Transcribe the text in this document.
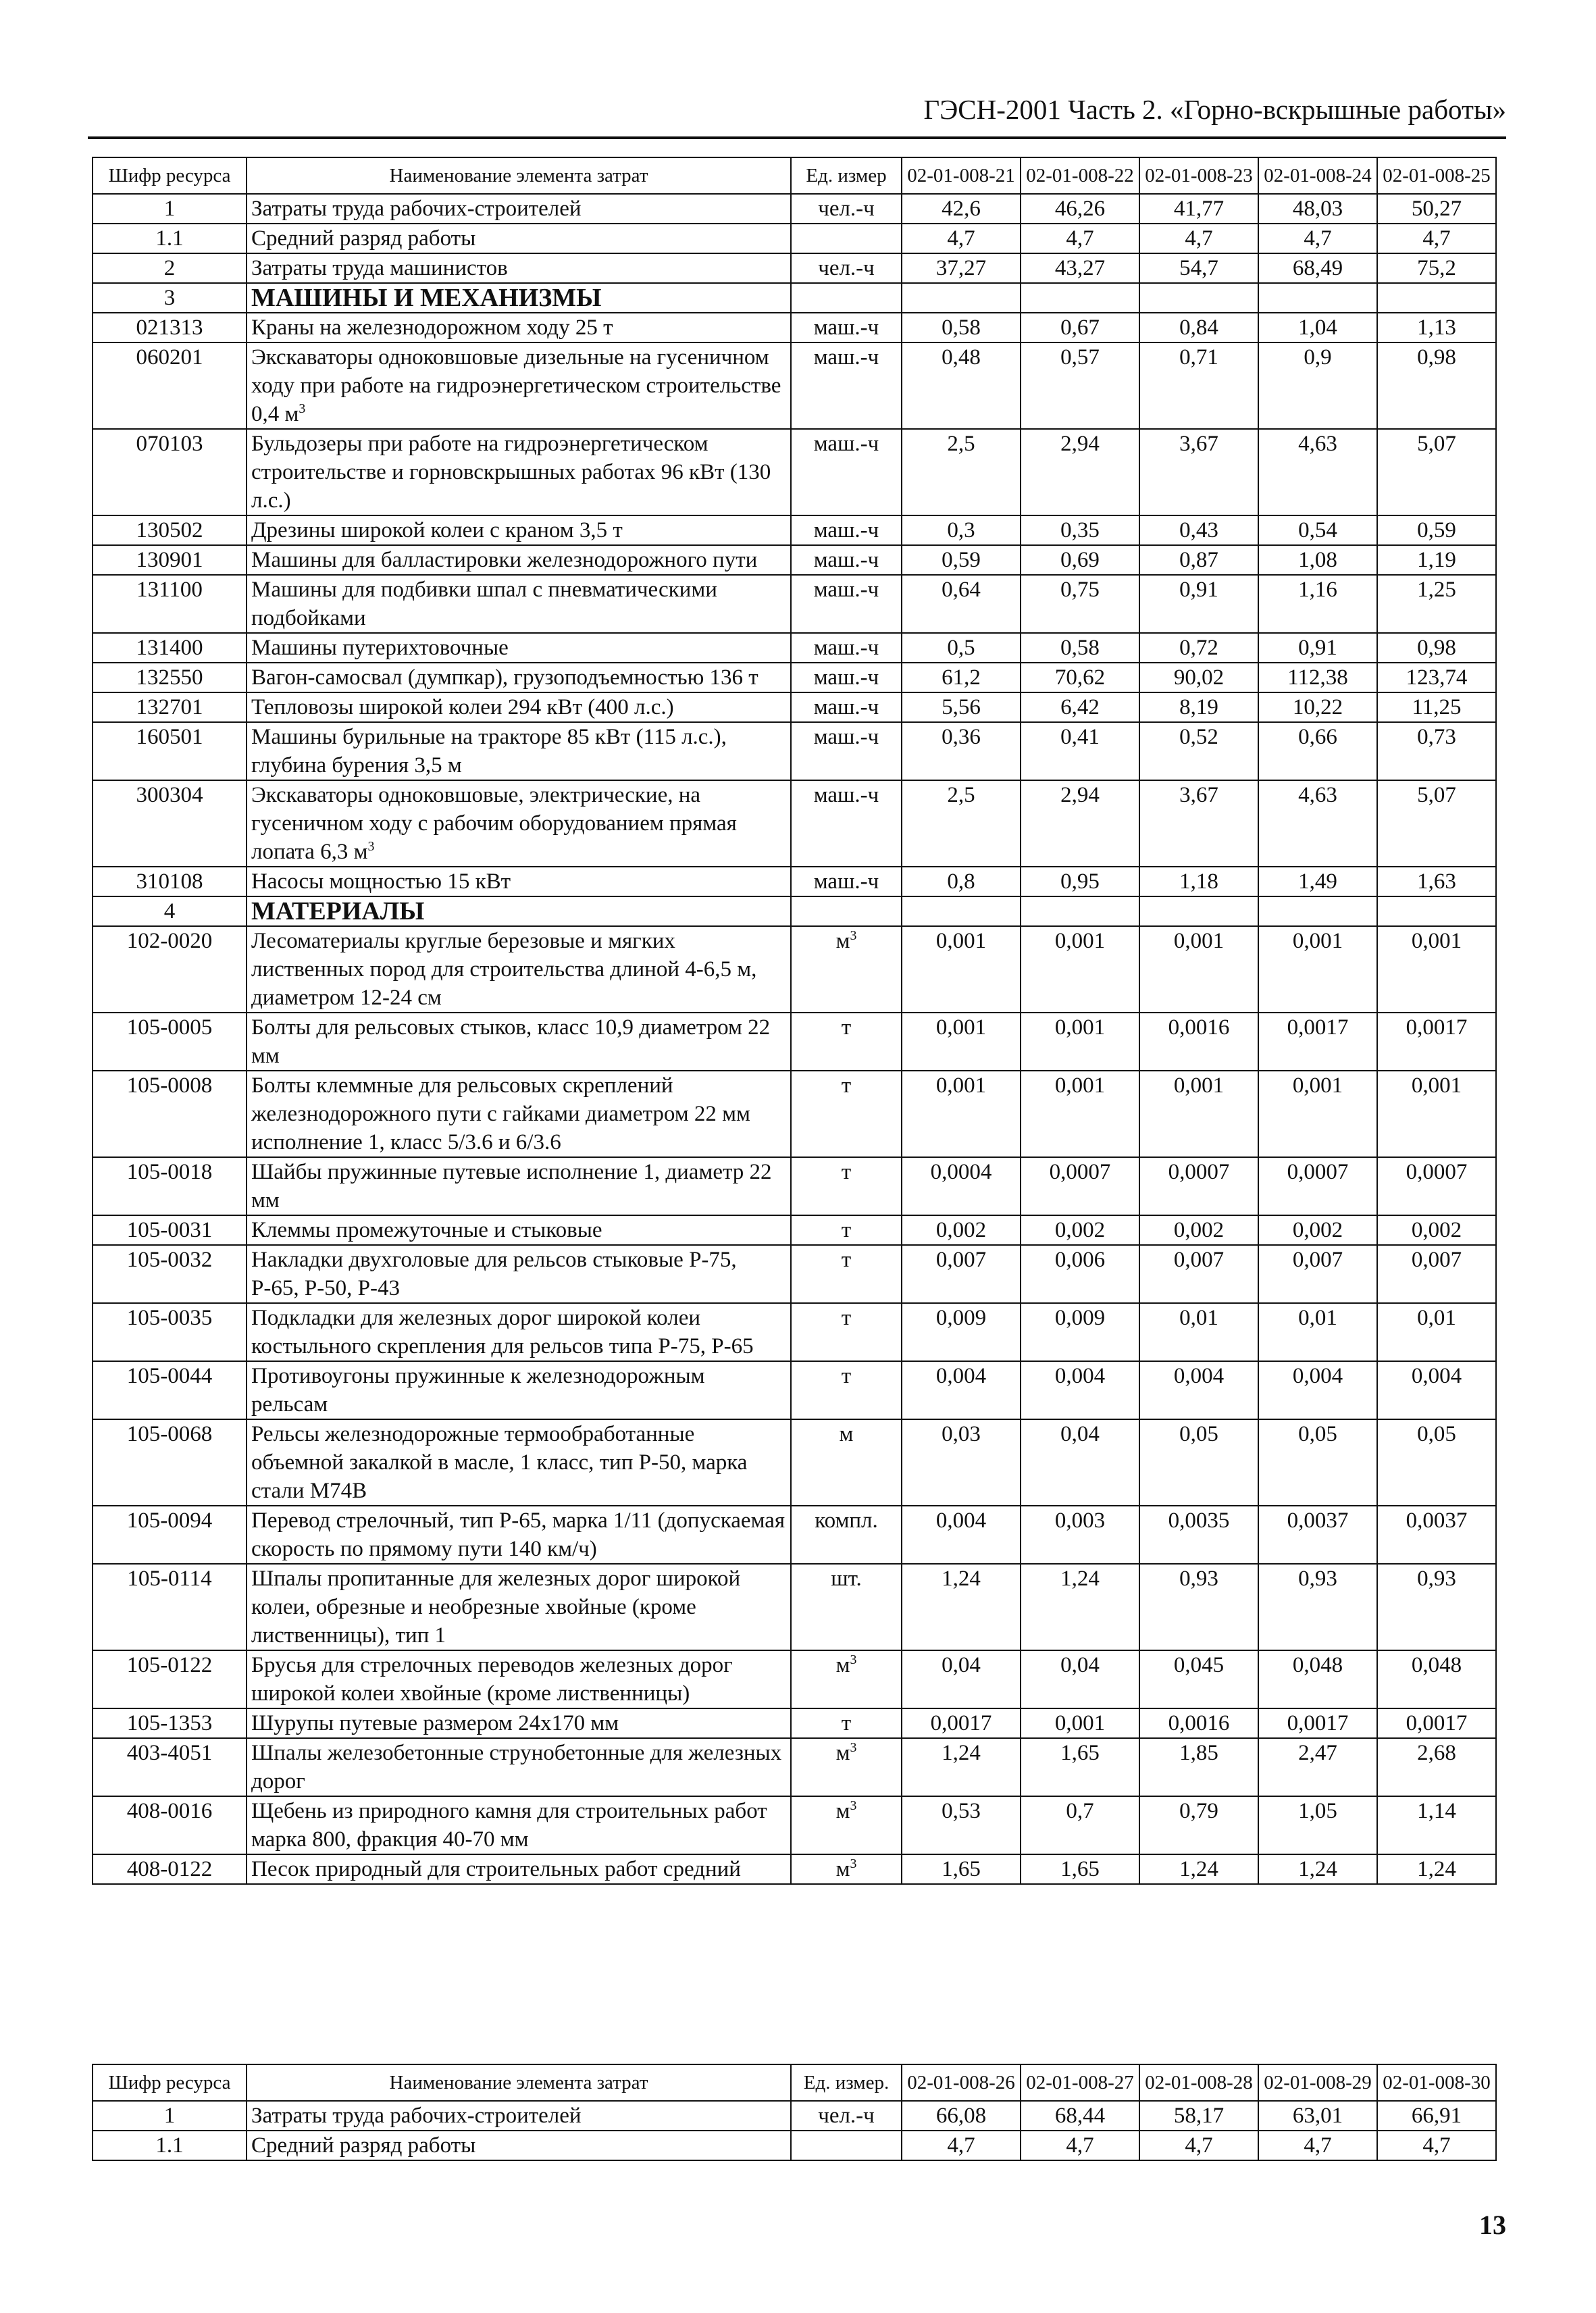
ГЭСН-2001 Часть 2. «Горно-вскрышные работы»
Шифр ресурса	Наименование элемента затрат	Ед. измер	02-01-008-21	02-01-008-22	02-01-008-23	02-01-008-24	02-01-008-25
1	Затраты труда рабочих-строителей	чел.-ч	42,6	46,26	41,77	48,03	50,27
1.1	Средний разряд работы		4,7	4,7	4,7	4,7	4,7
2	Затраты труда машинистов	чел.-ч	37,27	43,27	54,7	68,49	75,2
3	МАШИНЫ И МЕХАНИЗМЫ						
021313	Краны на железнодорожном ходу 25 т	маш.-ч	0,58	0,67	0,84	1,04	1,13
060201	Экскаваторы одноковшовые дизельные на гусеничном ходу при работе на гидроэнергетическом строительстве 0,4 $м^3$	маш.-ч	0,48	0,57	0,71	0,9	0,98
070103	Бульдозеры при работе на гидроэнергетическом строительстве и горновскрышных работах 96 кВт (130 л.с.)	маш.-ч	2,5	2,94	3,67	4,63	5,07
130502	Дрезины широкой колеи с краном 3,5 т	маш.-ч	0,3	0,35	0,43	0,54	0,59
130901	Машины для балластировки железнодорожного пути	маш.-ч	0,59	0,69	0,87	1,08	1,19
131100	Машины для подбивки шпал с пневматическими подбойками	маш.-ч	0,64	0,75	0,91	1,16	1,25
131400	Машины путерихтовочные	маш.-ч	0,5	0,58	0,72	0,91	0,98
132550	Вагон-самосвал (думпкар), грузоподъемностью 136 т	маш.-ч	61,2	70,62	90,02	112,38	123,74
132701	Тепловозы широкой колеи 294 кВт (400 л.с.)	маш.-ч	5,56	6,42	8,19	10,22	11,25
160501	Машины бурильные на тракторе 85 кВт (115 л.с.), глубина бурения 3,5 м	маш.-ч	0,36	0,41	0,52	0,66	0,73
300304	Экскаваторы одноковшовые, электрические, на гусеничном ходу с рабочим оборудованием прямая лопата 6,3 $м^3$	маш.-ч	2,5	2,94	3,67	4,63	5,07
310108	Насосы мощностью 15 кВт	маш.-ч	0,8	0,95	1,18	1,49	1,63
4	МАТЕРИАЛЫ						
102-0020	Лесоматериалы круглые березовые и мягких лиственных пород для строительства длиной 4-6,5 м, диаметром 12-24 см	$м^3$	0,001	0,001	0,001	0,001	0,001
105-0005	Болты для рельсовых стыков, класс 10,9 диаметром 22 мм	т	0,001	0,001	0,0016	0,0017	0,0017
105-0008	Болты клеммные для рельсовых скреплений железнодорожного пути с гайками диаметром 22 мм исполнение 1, класс 5/3.6 и 6/3.6	т	0,001	0,001	0,001	0,001	0,001
105-0018	Шайбы пружинные путевые исполнение 1, диаметр 22 мм	т	0,0004	0,0007	0,0007	0,0007	0,0007
105-0031	Клеммы промежуточные и стыковые	т	0,002	0,002	0,002	0,002	0,002
105-0032	Накладки двухголовые для рельсов стыковые Р-75, Р-65, Р-50, Р-43	т	0,007	0,006	0,007	0,007	0,007
105-0035	Подкладки для железных дорог широкой колеи костыльного скрепления для рельсов типа Р-75, Р-65	т	0,009	0,009	0,01	0,01	0,01
105-0044	Противоугоны пружинные к железнодорожным рельсам	т	0,004	0,004	0,004	0,004	0,004
105-0068	Рельсы железнодорожные термообработанные объемной закалкой в масле, 1 класс, тип Р-50, марка стали М74В	м	0,03	0,04	0,05	0,05	0,05
105-0094	Перевод стрелочный, тип Р-65, марка 1/11 (допускаемая скорость по прямому пути 140 км/ч)	компл.	0,004	0,003	0,0035	0,0037	0,0037
105-0114	Шпалы пропитанные для железных дорог широкой колеи, обрезные и необрезные хвойные (кроме лиственницы), тип 1	шт.	1,24	1,24	0,93	0,93	0,93
105-0122	Брусья для стрелочных переводов железных дорог широкой колеи хвойные (кроме лиственницы)	$м^3$	0,04	0,04	0,045	0,048	0,048
105-1353	Шурупы путевые размером 24х170 мм	т	0,0017	0,001	0,0016	0,0017	0,0017
403-4051	Шпалы железобетонные струнобетонные для железных дорог	$м^3$	1,24	1,65	1,85	2,47	2,68
408-0016	Щебень из природного камня для строительных работ марка 800, фракция 40-70 мм	$м^3$	0,53	0,7	0,79	1,05	1,14
408-0122	Песок природный для строительных работ средний	$м^3$	1,65	1,65	1,24	1,24	1,24
Шифр ресурса	Наименование элемента затрат	Ед. измер.	02-01-008-26	02-01-008-27	02-01-008-28	02-01-008-29	02-01-008-30
1	Затраты труда рабочих-строителей	чел.-ч	66,08	68,44	58,17	63,01	66,91
1.1	Средний разряд работы		4,7	4,7	4,7	4,7	4,7
13
